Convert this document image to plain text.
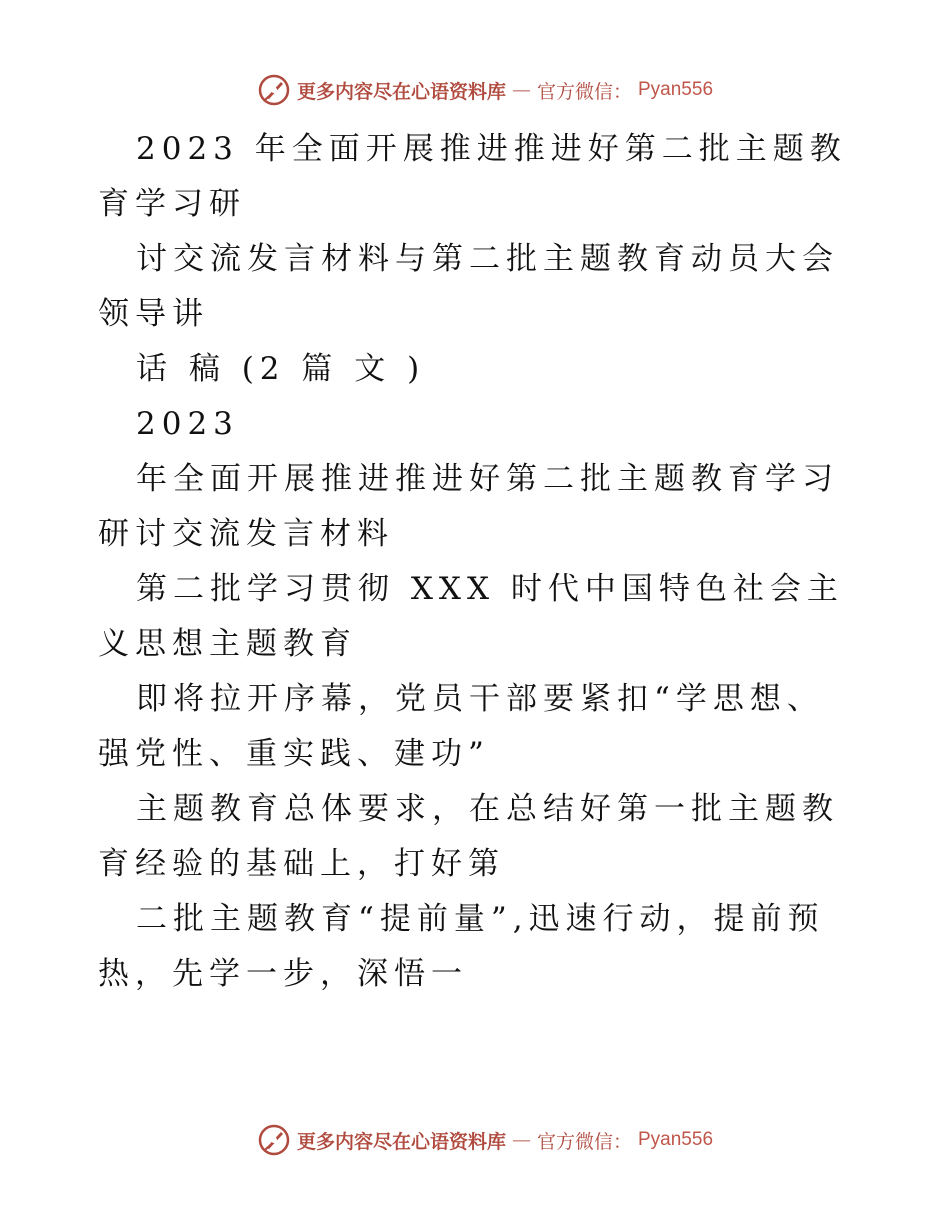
更多内容尽在心语资料库 — 官方微信： Pyan556

2023 年全面开展推进推进好第二批主题教育学习研

讨交流发言材料与第二批主题教育动员大会领导讲

话 稿 (2 篇 文 )

2023

年全面开展推进推进好第二批主题教育学习研讨交流发言材料

第二批学习贯彻 XXX 时代中国特色社会主义思想主题教育

即将拉开序幕，党员干部要紧扣“学思想、强党性、重实践、建功”

主题教育总体要求，在总结好第一批主题教育经验的基础上，打好第

二批主题教育“提前量”,迅速行动，提前预热，先学一步，深悟一

更多内容尽在心语资料库 — 官方微信： Pyan556
